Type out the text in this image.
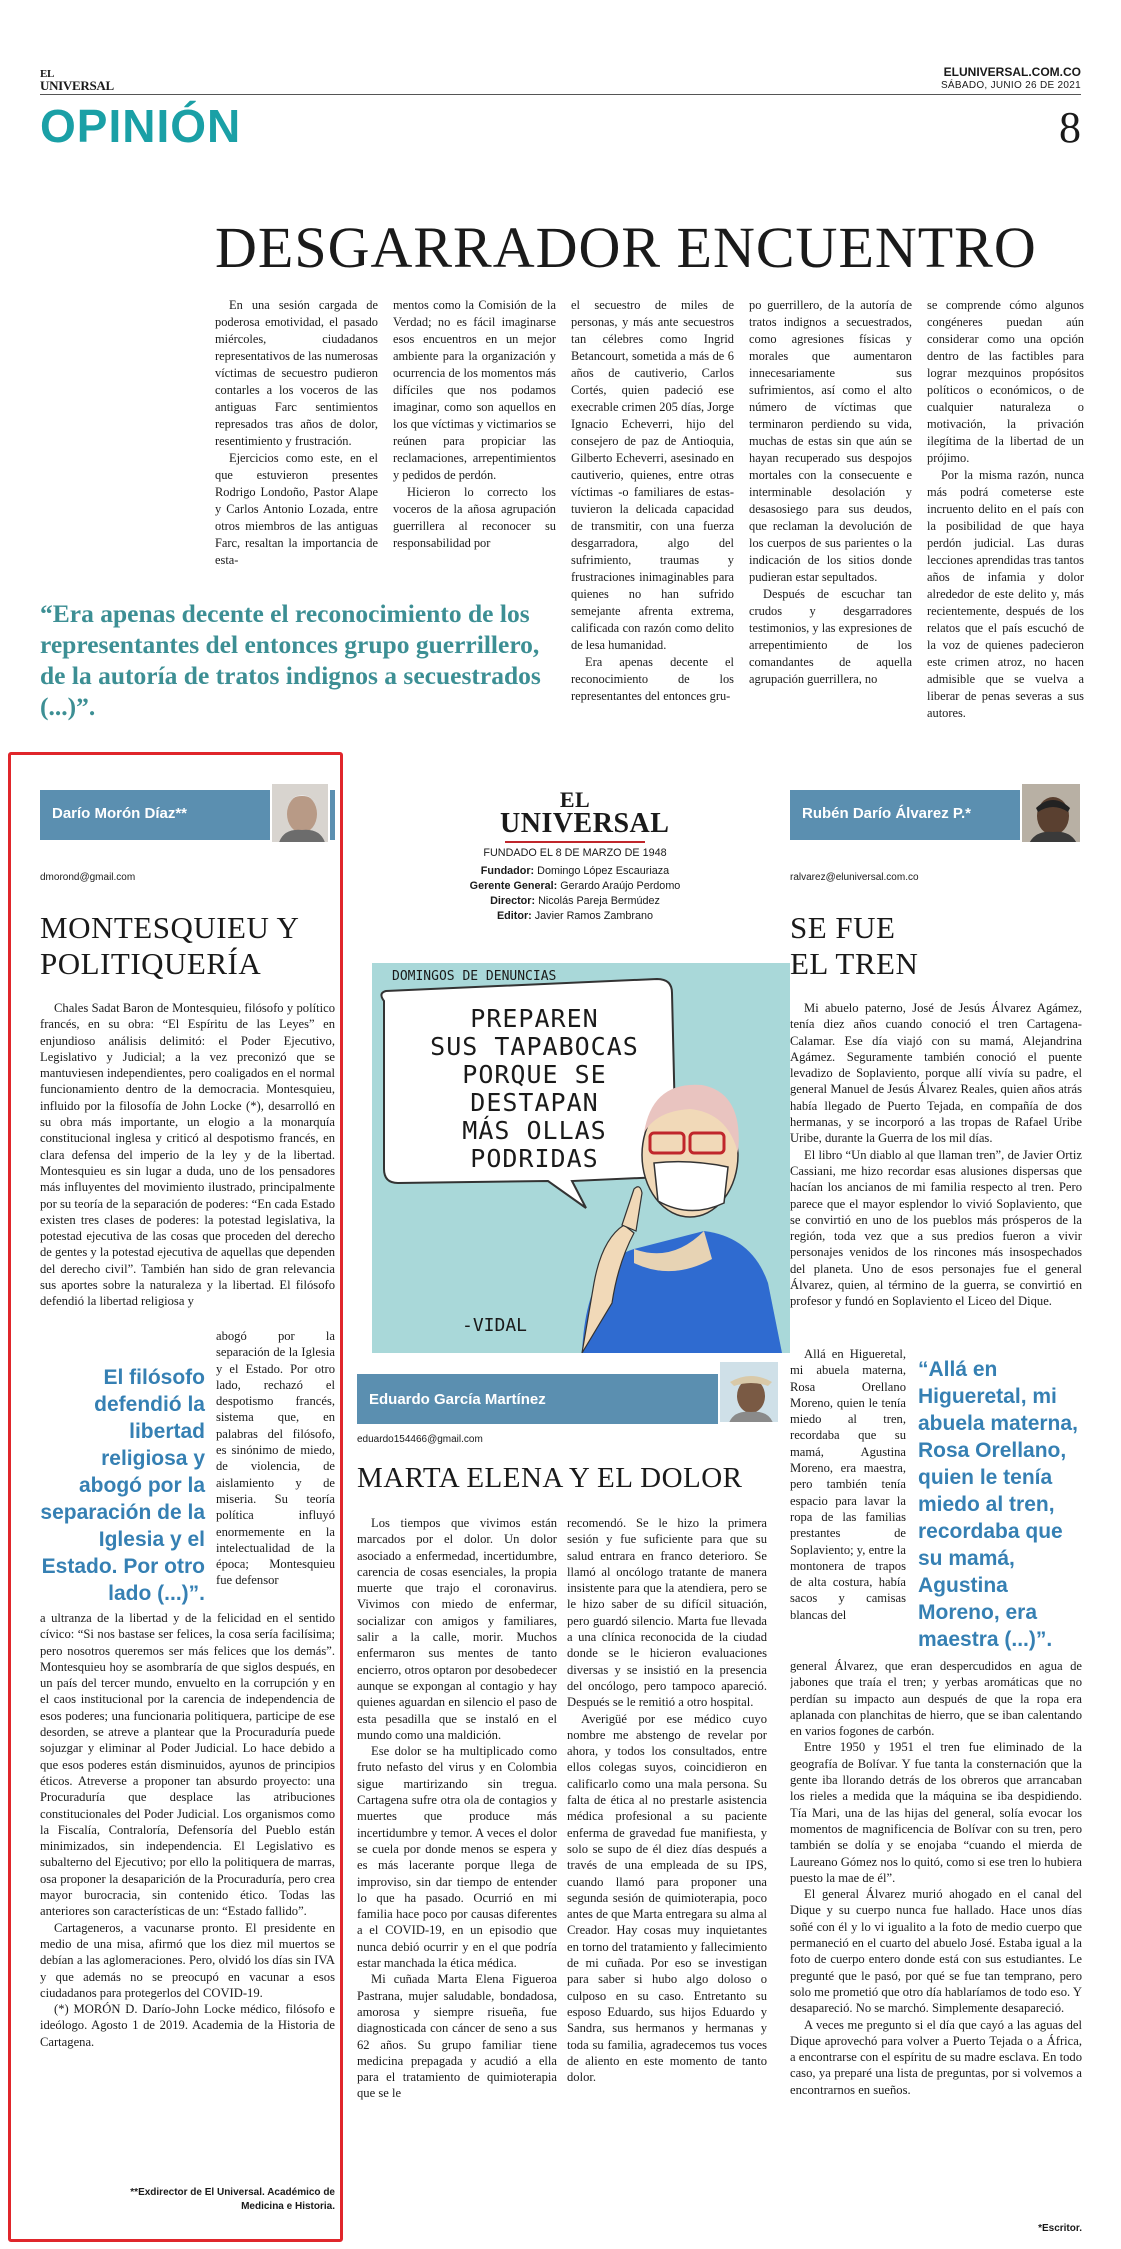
EL
UNIVERSAL
ELUNIVERSAL.COM.CO
SÁBADO, JUNIO 26 DE 2021
OPINIÓN	8
DESGARRADOR ENCUENTRO

En una sesión cargada de poderosa emotividad, el pasado miércoles, ciudadanos representativos de las numerosas víctimas de secuestro pudieron contarles a los voceros de las antiguas Farc sentimientos represados tras años de dolor, resentimiento y frustración.

Ejercicios como este, en el que estuvieron presentes Rodrigo Londoño, Pastor Alape y Carlos Antonio Lozada, entre otros miembros de las antiguas Farc, resaltan la importancia de esta-

mentos como la Comisión de la Verdad; no es fácil imaginarse esos encuentros en un mejor ambiente para la organización y ocurrencia de los momentos más difíciles que nos podamos imaginar, como son aquellos en los que víctimas y victimarios se reúnen para propiciar las reclamaciones, arrepentimientos y pedidos de perdón.

Hicieron lo correcto los voceros de la añosa agrupación guerrillera al reconocer su responsabilidad por

el secuestro de miles de personas, y más ante secuestros tan célebres como Ingrid Betancourt, sometida a más de 6 años de cautiverio, Carlos Cortés, quien padeció ese execrable crimen 205 días, Jorge Ignacio Echeverri, hijo del consejero de paz de Antioquia, Gilberto Echeverri, asesinado en cautiverio, quienes, entre otras víctimas -o familiares de estas- tuvieron la delicada capacidad de transmitir, con una fuerza desgarradora, algo del sufrimiento, traumas y frustraciones inimaginables para quienes no han sufrido semejante afrenta extrema, calificada con razón como delito de lesa humanidad.

Era apenas decente el reconocimiento de los representantes del entonces gru-

po guerrillero, de la autoría de tratos indignos a secuestrados, como agresiones físicas y morales que aumentaron innecesariamente sus sufrimientos, así como el alto número de víctimas que terminaron perdiendo su vida, muchas de estas sin que aún se hayan recuperado sus despojos mortales con la consecuente e interminable desolación y desasosiego para sus deudos, que reclaman la devolución de los cuerpos de sus parientes o la indicación de los sitios donde pudieran estar sepultados.

Después de escuchar tan crudos y desgarradores testimonios, y las expresiones de arrepentimiento de los comandantes de aquella agrupación guerrillera, no

se comprende cómo algunos congéneres puedan aún considerar como una opción dentro de las factibles para lograr mezquinos propósitos políticos o económicos, o de cualquier naturaleza o motivación, la privación ilegítima de la libertad de un prójimo.

Por la misma razón, nunca más podrá cometerse este incruento delito en el país con la posibilidad de que haya perdón judicial. Las duras lecciones aprendidas tras tantos años de infamia y dolor alrededor de este delito y, más recientemente, después de los relatos que el país escuchó de la voz de quienes padecieron este crimen atroz, no hacen admisible que se vuelva a liberar de penas severas a sus autores.

“Era apenas decente el reconocimiento de los representantes del entonces grupo guerrillero, de la autoría de tratos indignos a secuestrados (...)”.
Darío Morón Díaz**
dmorond@gmail.com
MONTESQUIEU Y
POLITIQUERÍA

Chales Sadat Baron de Montesquieu, filósofo y político francés, en su obra: “El Espíritu de las Leyes” en enjundioso análisis delimitó: el Poder Ejecutivo, Legislativo y Judicial; a la vez preconizó que se mantuviesen independientes, pero coaligados en el normal funcionamiento dentro de la democracia. Montesquieu, influido por la filosofía de John Locke (*), desarrolló en su obra más importante, un elogio a la monarquía constitucional inglesa y criticó al despotismo francés, en clara defensa del imperio de la ley y de la libertad. Montesquieu es sin lugar a duda, uno de los pensadores más influyentes del movimiento ilustrado, principalmente por su teoría de la separación de poderes: “En cada Estado existen tres clases de poderes: la potestad legislativa, la potestad ejecutiva de las cosas que proceden del derecho de gentes y la potestad ejecutiva de aquellas que dependen del derecho civil”. También han sido de gran relevancia sus aportes sobre la naturaleza y la libertad. El filósofo defendió la libertad religiosa y

El filósofo defendió la libertad religiosa y abogó por la separación de la Iglesia y el Estado. Por otro lado (...)”.

abogó por la separación de la Iglesia y el Estado. Por otro lado, rechazó el despotismo francés, sistema que, en palabras del filósofo, es sinónimo de miedo, de violencia, de aislamiento y de miseria. Su teoría política influyó enormemente en la intelectualidad de la época; Montesquieu fue defensor

a ultranza de la libertad y de la felicidad en el sentido cívico: “Si nos bastase ser felices, la cosa sería facilísima; pero nosotros queremos ser más felices que los demás”. Montesquieu hoy se asombraría de que siglos después, en un país del tercer mundo, envuelto en la corrupción y en el caos institucional por la carencia de independencia de esos poderes; una funcionaria politiquera, participe de ese desorden, se atreve a plantear que la Procuraduría puede sojuzgar y eliminar al Poder Judicial. Lo hace debido a que esos poderes están disminuidos, ayunos de principios éticos. Atreverse a proponer tan absurdo proyecto: una Procuraduría que desplace las atribuciones constitucionales del Poder Judicial. Los organismos como la Fiscalía, Contraloría, Defensoría del Pueblo están minimizados, sin independencia. El Legislativo es subalterno del Ejecutivo; por ello la politiquera de marras, osa proponer la desaparición de la Procuraduría, pero crea mayor burocracia, sin contenido ético. Todas las anteriores son características de un: “Estado fallido”.

Cartageneros, a vacunarse pronto. El presidente en medio de una misa, afirmó que los diez mil muertos se debían a las aglomeraciones. Pero, olvidó los días sin IVA y que además no se preocupó en vacunar a esos ciudadanos para protegerlos del COVID-19.

(*) MORÓN D. Darío-John Locke médico, filósofo e ideólogo. Agosto 1 de 2019. Academia de la Historia de Cartagena.

**Exdirector de El Universal. Académico de
Medicina e Historia.
EL
UNIVERSAL
FUNDADO EL 8 DE MARZO DE 1948
Fundador: Domingo López Escauriaza
Gerente General: Gerardo Araújo Perdomo
Director: Nicolás Pareja Bermúdez
Editor: Javier Ramos Zambrano
DOMINGOS DE DENUNCIAS
PREPAREN
SUS TAPABOCAS
PORQUE SE
DESTAPAN
MÁS OLLAS
PODRIDAS
-VIDAL
Eduardo García Martínez
eduardo154466@gmail.com
MARTA ELENA Y EL DOLOR

Los tiempos que vivimos están marcados por el dolor. Un dolor asociado a enfermedad, incertidumbre, carencia de cosas esenciales, la propia muerte que trajo el coronavirus. Vivimos con miedo de enfermar, socializar con amigos y familiares, salir a la calle, morir. Muchos enfermaron sus mentes de tanto encierro, otros optaron por desobedecer aunque se expongan al contagio y hay quienes aguardan en silencio el paso de esta pesadilla que se instaló en el mundo como una maldición.

Ese dolor se ha multiplicado como fruto nefasto del virus y en Colombia sigue martirizando sin tregua. Cartagena sufre otra ola de contagios y muertes que produce más incertidumbre y temor. A veces el dolor se cuela por donde menos se espera y es más lacerante porque llega de improviso, sin dar tiempo de entender lo que ha pasado. Ocurrió en mi familia hace poco por causas diferentes a el COVID-19, en un episodio que nunca debió ocurrir y en el que podría estar manchada la ética médica.

Mi cuñada Marta Elena Figueroa Pastrana, mujer saludable, bondadosa, amorosa y siempre risueña, fue diagnosticada con cáncer de seno a sus 62 años. Su grupo familiar tiene medicina prepagada y acudió a ella para el tratamiento de quimioterapia que se le

recomendó. Se le hizo la primera sesión y fue suficiente para que su salud entrara en franco deterioro. Se llamó al oncólogo tratante de manera insistente para que la atendiera, pero se le hizo saber de su difícil situación, pero guardó silencio. Marta fue llevada a una clínica reconocida de la ciudad donde se le hicieron evaluaciones diversas y se insistió en la presencia del oncólogo, pero tampoco apareció. Después se le remitió a otro hospital.

Averigüé por ese médico cuyo nombre me abstengo de revelar por ahora, y todos los consultados, entre ellos colegas suyos, coincidieron en calificarlo como una mala persona. Su falta de ética al no prestarle asistencia médica profesional a su paciente enferma de gravedad fue manifiesta, y solo se supo de él diez días después a través de una empleada de su IPS, cuando llamó para proponer una segunda sesión de quimioterapia, poco antes de que Marta entregara su alma al Creador. Hay cosas muy inquietantes en torno del tratamiento y fallecimiento de mi cuñada. Por eso se investigan para saber si hubo algo doloso o culposo en su caso. Entretanto su esposo Eduardo, sus hijos Eduardo y Sandra, sus hermanos y hermanas y toda su familia, agradecemos tus voces de aliento en este momento de tanto dolor.

Rubén Darío Álvarez P.*
ralvarez@eluniversal.com.co
SE FUE
EL TREN

Mi abuelo paterno, José de Jesús Álvarez Agámez, tenía diez años cuando conoció el tren Cartagena-Calamar. Ese día viajó con su mamá, Alejandrina Agámez. Seguramente también conoció el puente levadizo de Soplaviento, porque allí vivía su padre, el general Manuel de Jesús Álvarez Reales, quien años atrás había llegado de Puerto Tejada, en compañía de dos hermanas, y se incorporó a las tropas de Rafael Uribe Uribe, durante la Guerra de los mil días.

El libro “Un diablo al que llaman tren”, de Javier Ortiz Cassiani, me hizo recordar esas alusiones dispersas que hacían los ancianos de mi familia respecto al tren. Pero parece que el mayor esplendor lo vivió Soplaviento, que se convirtió en uno de los pueblos más prósperos de la región, toda vez que a sus predios fueron a vivir personajes venidos de los rincones más insospechados del planeta. Uno de esos personajes fue el general Álvarez, quien, al término de la guerra, se convirtió en profesor y fundó en Soplaviento el Liceo del Dique.

Allá en Higueretal, mi abuela materna, Rosa Orellano Moreno, quien le tenía miedo al tren, recordaba que su mamá, Agustina Moreno, era maestra, pero también tenía espacio para lavar la ropa de las familias prestantes de Soplaviento; y, entre la montonera de trapos de alta costura, había sacos y camisas blancas del

“Allá en Higueretal, mi abuela materna, Rosa Orellano, quien le tenía miedo al tren, recordaba que su mamá, Agustina Moreno, era maestra (...)”.

general Álvarez, que eran despercudidos en agua de jabones que traía el tren; y yerbas aromáticas que no perdían su impacto aun después de que la ropa era aplanada con planchitas de hierro, que se iban calentando en varios fogones de carbón.

Entre 1950 y 1951 el tren fue eliminado de la geografía de Bolívar. Y fue tanta la consternación que la gente iba llorando detrás de los obreros que arrancaban los rieles a medida que la máquina se iba despidiendo. Tía Mari, una de las hijas del general, solía evocar los momentos de magnificencia de Bolívar con su tren, pero también se dolía y se enojaba “cuando el mierda de Laureano Gómez nos lo quitó, como si ese tren lo hubiera puesto la mae de él”.

El general Álvarez murió ahogado en el canal del Dique y su cuerpo nunca fue hallado. Hace unos días soñé con él y lo vi igualito a la foto de medio cuerpo que permaneció en el cuarto del abuelo José. Estaba igual a la foto de cuerpo entero donde está con sus estudiantes. Le pregunté que le pasó, por qué se fue tan temprano, pero solo me prometió que otro día hablaríamos de todo eso. Y desapareció. No se marchó. Simplemente desapareció.

A veces me pregunto si el día que cayó a las aguas del Dique aprovechó para volver a Puerto Tejada o a África, a encontrarse con el espíritu de su madre esclava. En todo caso, ya preparé una lista de preguntas, por si volvemos a encontrarnos en sueños.

*Escritor.
